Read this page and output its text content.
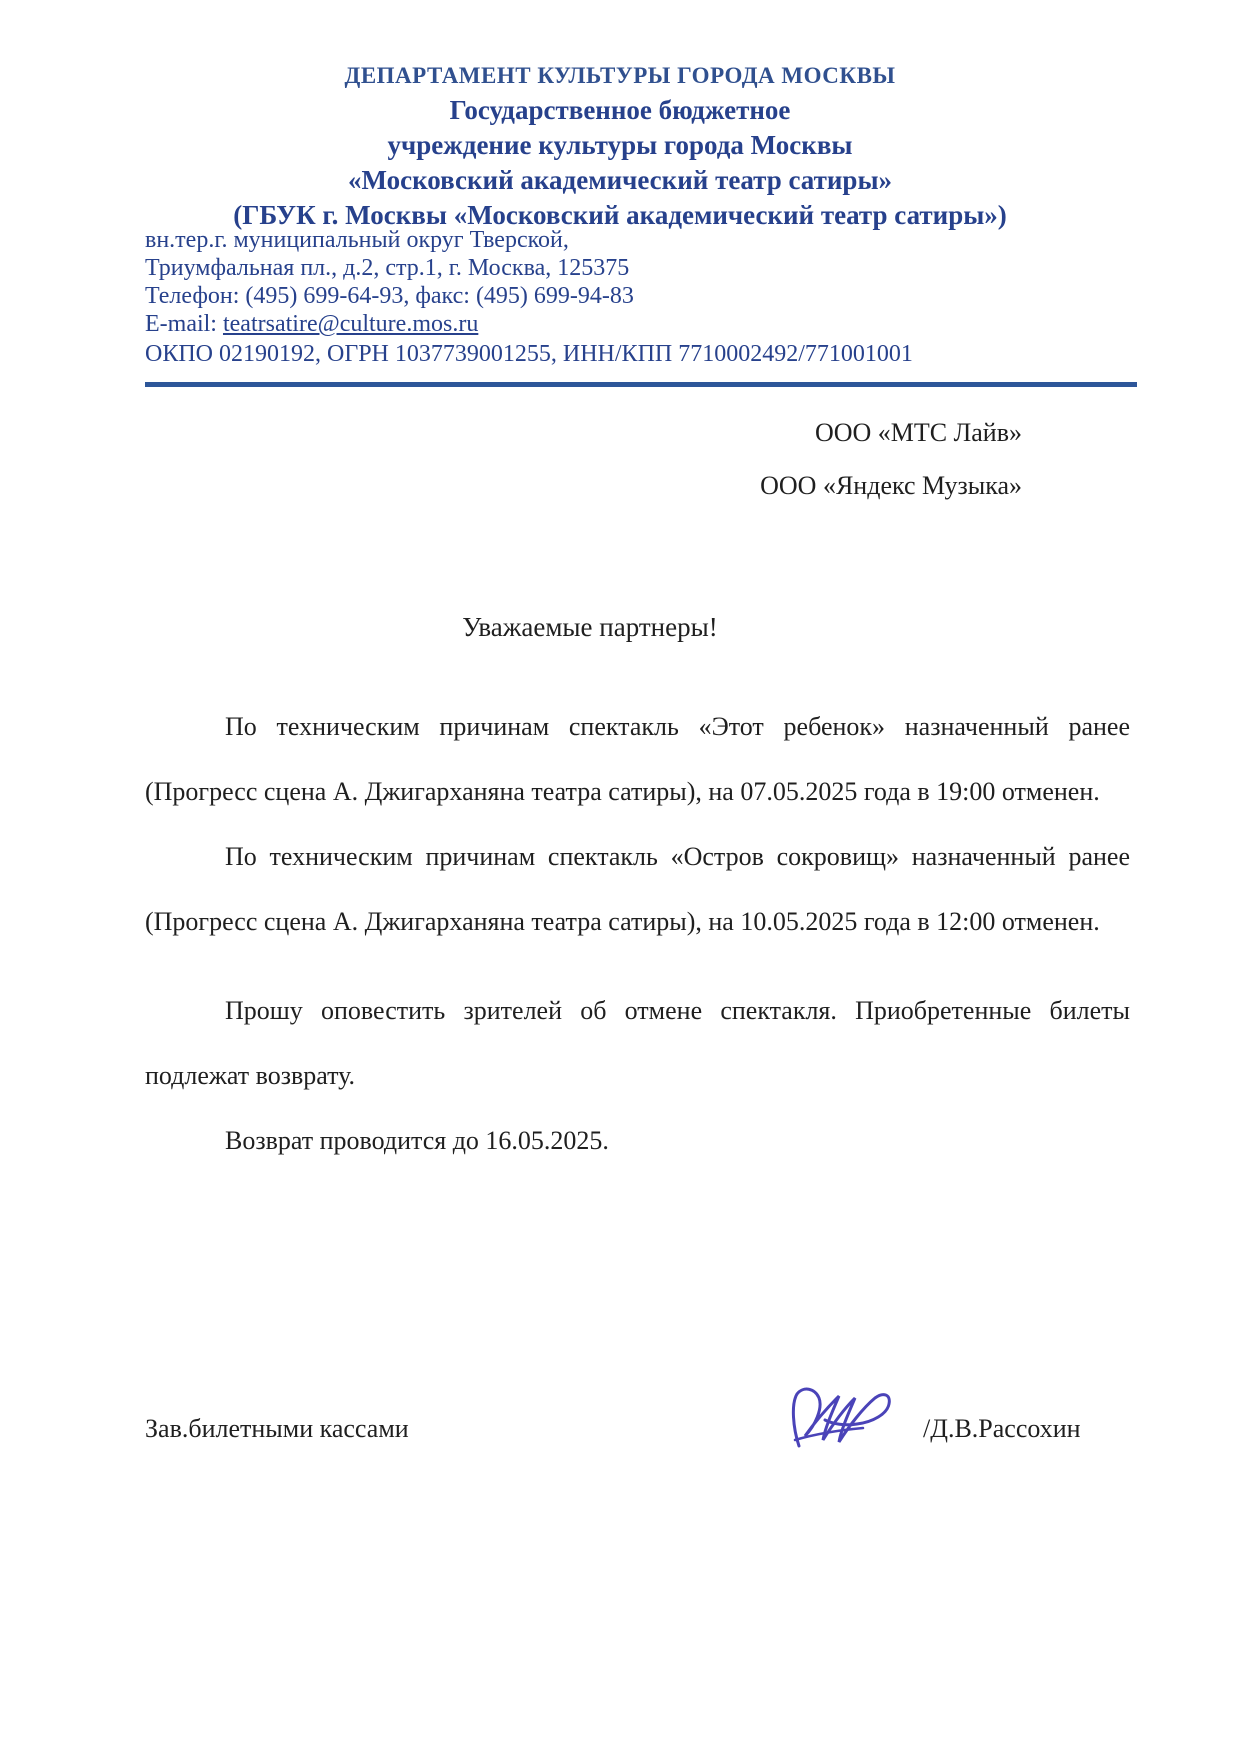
ДЕПАРТАМЕНТ КУЛЬТУРЫ ГОРОДА МОСКВЫ
Государственное бюджетное
учреждение культуры города Москвы
«Московский академический театр сатиры»
(ГБУК г. Москвы «Московский академический театр сатиры»)
вн.тер.г. муниципальный округ Тверской,
Триумфальная пл., д.2, стр.1, г. Москва, 125375
Телефон: (495) 699-64-93, факс: (495) 699-94-83
E-mail: teatrsatire@culture.mos.ru
ОКПО 02190192, ОГРН 1037739001255, ИНН/КПП 7710002492/771001001
ООО «МТС Лайв»
ООО «Яндекс Музыка»
Уважаемые партнеры!

По техническим причинам спектакль «Этот ребенок» назначенный ранее (Прогресс сцена А. Джигарханяна театра сатиры), на 07.05.2025 года в 19:00 отменен.

По техническим причинам спектакль «Остров сокровищ» назначенный ранее (Прогресс сцена А. Джигарханяна театра сатиры), на 10.05.2025 года в 12:00 отменен.

Прошу оповестить зрителей об отмене спектакля. Приобретенные билеты подлежат возврату.

Возврат проводится до 16.05.2025.

Зав.билетными кассами	/Д.В.Рассохин
